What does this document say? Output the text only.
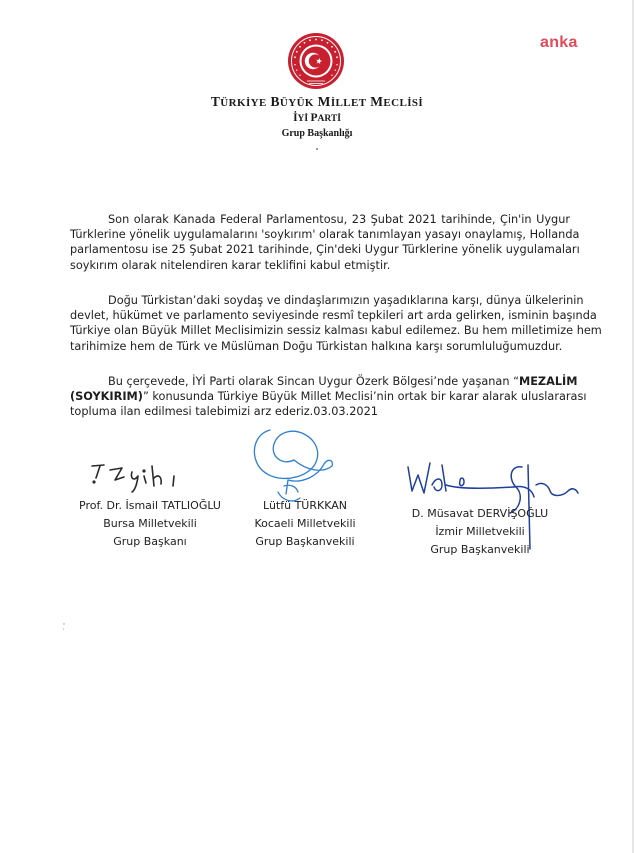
anka
TÜRKİYE BÜYÜK MİLLET MECLİSİ
İYİ PARTİ
Grup Başkanlığı
Son olarak Kanada Federal Parlamentosu, 23 Şubat 2021 tarihinde, Çin'in Uygur
Türklerine yönelik uygulamalarını 'soykırım' olarak tanımlayan yasayı onaylamış, Hollanda
parlamentosu ise 25 Şubat 2021 tarihinde, Çin'deki Uygur Türklerine yönelik uygulamaları
soykırım olarak nitelendiren karar teklifini kabul etmiştir.
Doğu Türkistan’daki soydaş ve dindaşlarımızın yaşadıklarına karşı, dünya ülkelerinin
devlet, hükümet ve parlamento seviyesinde resmî tepkileri art arda gelirken, isminin başında
Türkiye olan Büyük Millet Meclisimizin sessiz kalması kabul edilemez. Bu hem milletimize hem
tarihimize hem de Türk ve Müslüman Doğu Türkistan halkına karşı sorumluluğumuzdur.
Bu çerçevede, İYİ Parti olarak Sincan Uygur Özerk Bölgesi’nde yaşanan “MEZALİM
(SOYKIRIM)” konusunda Türkiye Büyük Millet Meclisi’nin ortak bir karar alarak uluslararası
topluma ilan edilmesi talebimizi arz ederiz.03.03.2021
Prof. Dr. İsmail TATLIOĞLU
Bursa Milletvekili
Grup Başkanı
Lütfü TÜRKKAN
Kocaeli Milletvekili
Grup Başkanvekili
D. Müsavat DERVİŞOĞLU
İzmir Milletvekili
Grup Başkanvekili
